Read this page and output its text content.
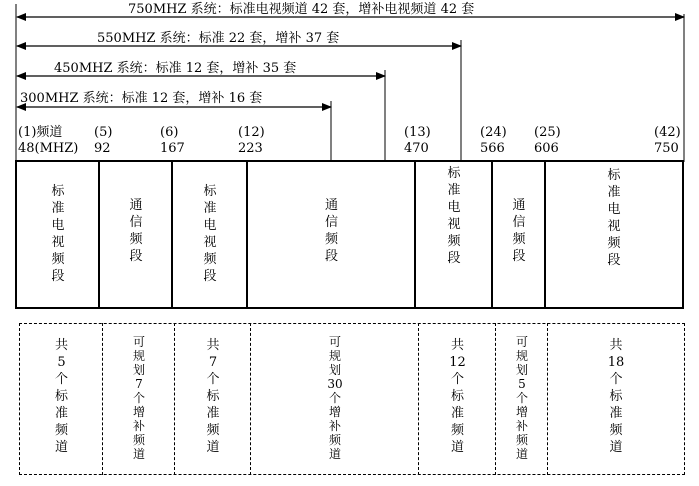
750MHZ 系统：标准电视频道 42 套，增补电视频道 42 套
550MHZ 系统：标准 22 套，增补 37 套
450MHZ 系统：标准 12 套，增补 35 套
300MHZ 系统：标准 12 套，增补 16 套
(1)频道 (5)	(6)	(12)	(13)	(24) (25)	(42)
48(MHZ) 92	167	223	470	566 606	750
标准电视频段
通信频段
标准电视频段
通信频段
标准电视频段
通信频段
标准电视频段
共5个标准频道
可规划7个增补频道
共7个标准频道
可规划30个增补频道
共12个标准频道
可规划5个增补频道
共18个标准频道
